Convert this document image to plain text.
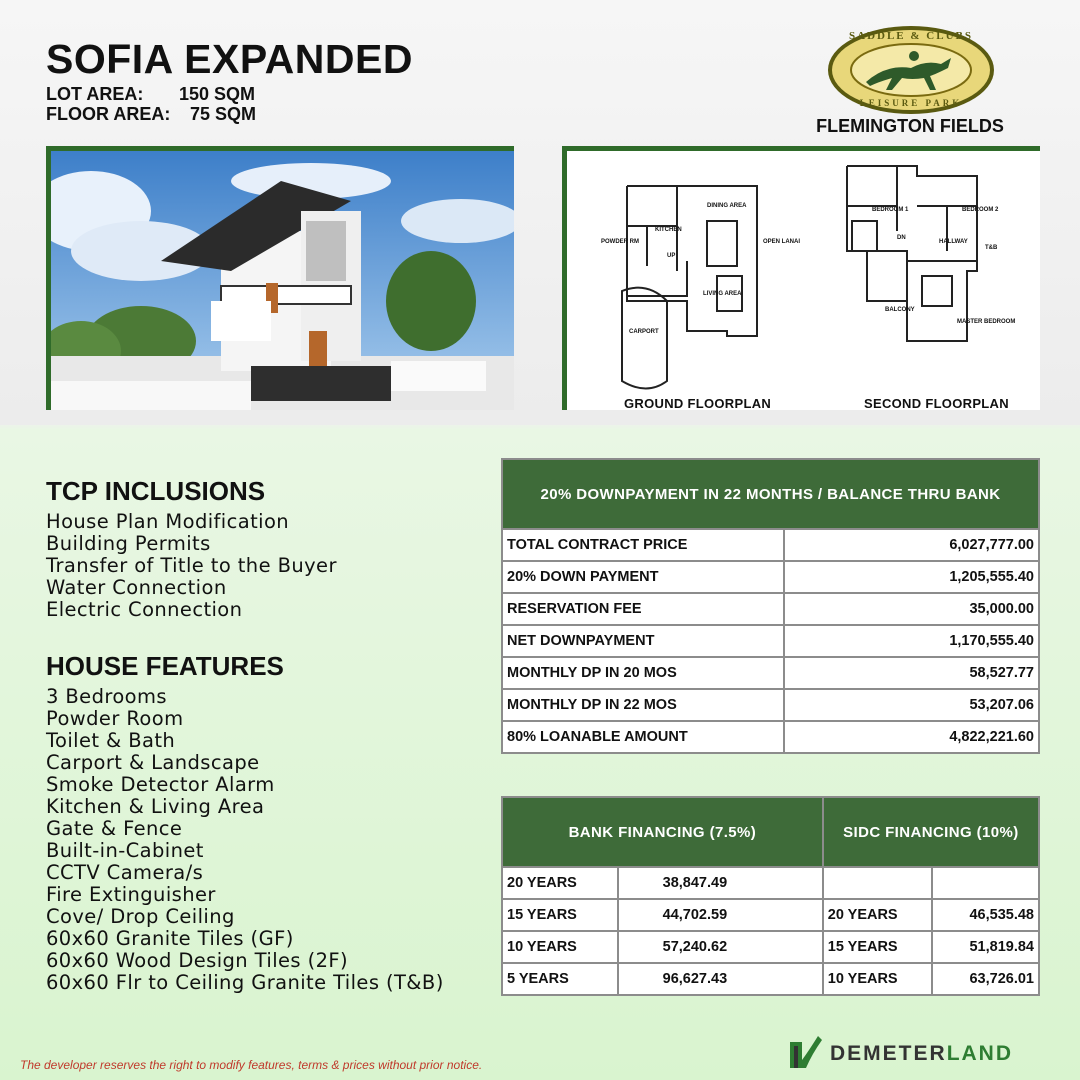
SOFIA EXPANDED
LOT AREA: 150 SQM
FLOOR AREA: 75 SQM
SADDLE & CLUBS
LEISURE PARK
FLEMINGTON FIELDS
GROUND FLOORPLAN	SECOND FLOORPLAN
KITCHEN
DINING AREA
OPEN LANAI
LIVING AREA
CARPORT
POWDER RM
UP
BEDROOM 1	BEDROOM 2
HALLWAY
T&B
BALCONY
MASTER BEDROOM
DN
TCP INCLUSIONS
House Plan Modification
Building Permits
Transfer of Title to the Buyer
Water Connection
Electric Connection
HOUSE FEATURES
3 Bedrooms
Powder Room
Toilet & Bath
Carport & Landscape
Smoke Detector Alarm
Kitchen & Living Area
Gate & Fence
Built-in-Cabinet
CCTV Camera/s
Fire Extinguisher
Cove/ Drop Ceiling
60x60 Granite Tiles (GF)
60x60 Wood Design Tiles (2F)
60x60 Flr to Ceiling Granite Tiles (T&B)
20% DOWNPAYMENT IN 22 MONTHS / BALANCE THRU BANK	
TOTAL CONTRACT PRICE	6,027,777.00
20% DOWN PAYMENT	1,205,555.40
RESERVATION FEE	35,000.00
NET DOWNPAYMENT	1,170,555.40
MONTHLY DP IN 20 MOS	58,527.77
MONTHLY DP IN 22 MOS	53,207.06
80% LOANABLE AMOUNT	4,822,221.60
BANK FINANCING (7.5%)		SIDC FINANCING (10%)	
20 YEARS	38,847.49		
15 YEARS	44,702.59	20 YEARS	46,535.48
10 YEARS	57,240.62	15 YEARS	51,819.84
5 YEARS	96,627.43	10 YEARS	63,726.01
DEMETERLAND
The developer reserves the right to modify features, terms & prices without prior notice.
